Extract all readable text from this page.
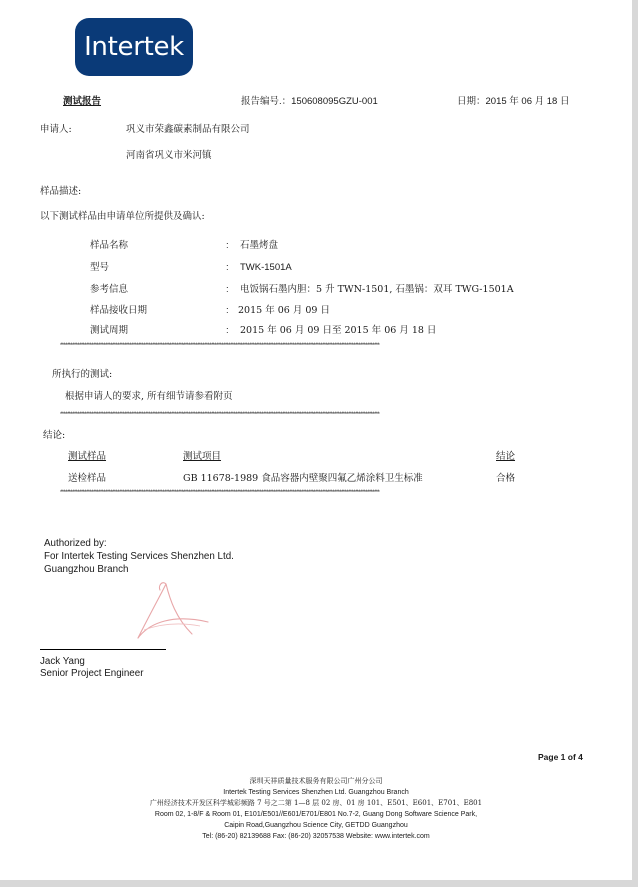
Intertek
测试报告	报告编号.：150608095GZU-001	日期：2015 年 06 月 18 日
申请人:	巩义市荣鑫碳素制品有限公司
河南省巩义市米河镇
样品描述:
以下测试样品由申请单位所提供及确认:
样品名称	: 石墨烤盘
型号	: TWK-1501A
参考信息	: 电饭锅石墨内胆：5 升 TWN-1501, 石墨锅：双耳 TWG-1501A
样品接收日期	: 2015 年 06 月 09 日
测试周期	: 2015 年 06 月 09 日至 2015 年 06 月 18 日
****************************************************************************************************************************************************************************************
所执行的测试:
根据申请人的要求, 所有细节请参看附页
****************************************************************************************************************************************************************************************
结论:
测试样品	测试项目	结论
送检样品	GB 11678-1989 食品容器内壁聚四氟乙烯涂料卫生标准	合格
****************************************************************************************************************************************************************************************
Authorized by:
For Intertek Testing Services Shenzhen Ltd.
Guangzhou Branch
Jack Yang
Senior Project Engineer
Page 1 of 4
深圳天祥质量技术服务有限公司广州分公司
Intertek Testing Services Shenzhen Ltd. Guangzhou Branch
广州经济技术开发区科学城彩频路 7 号之二第 1—8 层 02 房、01 房 101、E501、E601、E701、E801
Room 02, 1-8/F & Room 01, E101/E501//E601/E701/E801 No.7-2, Guang Dong Software Science Park,
Caipin Road,Guangzhou Science City, GETDD Guangzhou
Tel: (86-20) 82139688 Fax: (86-20) 32057538 Website: www.intertek.com
